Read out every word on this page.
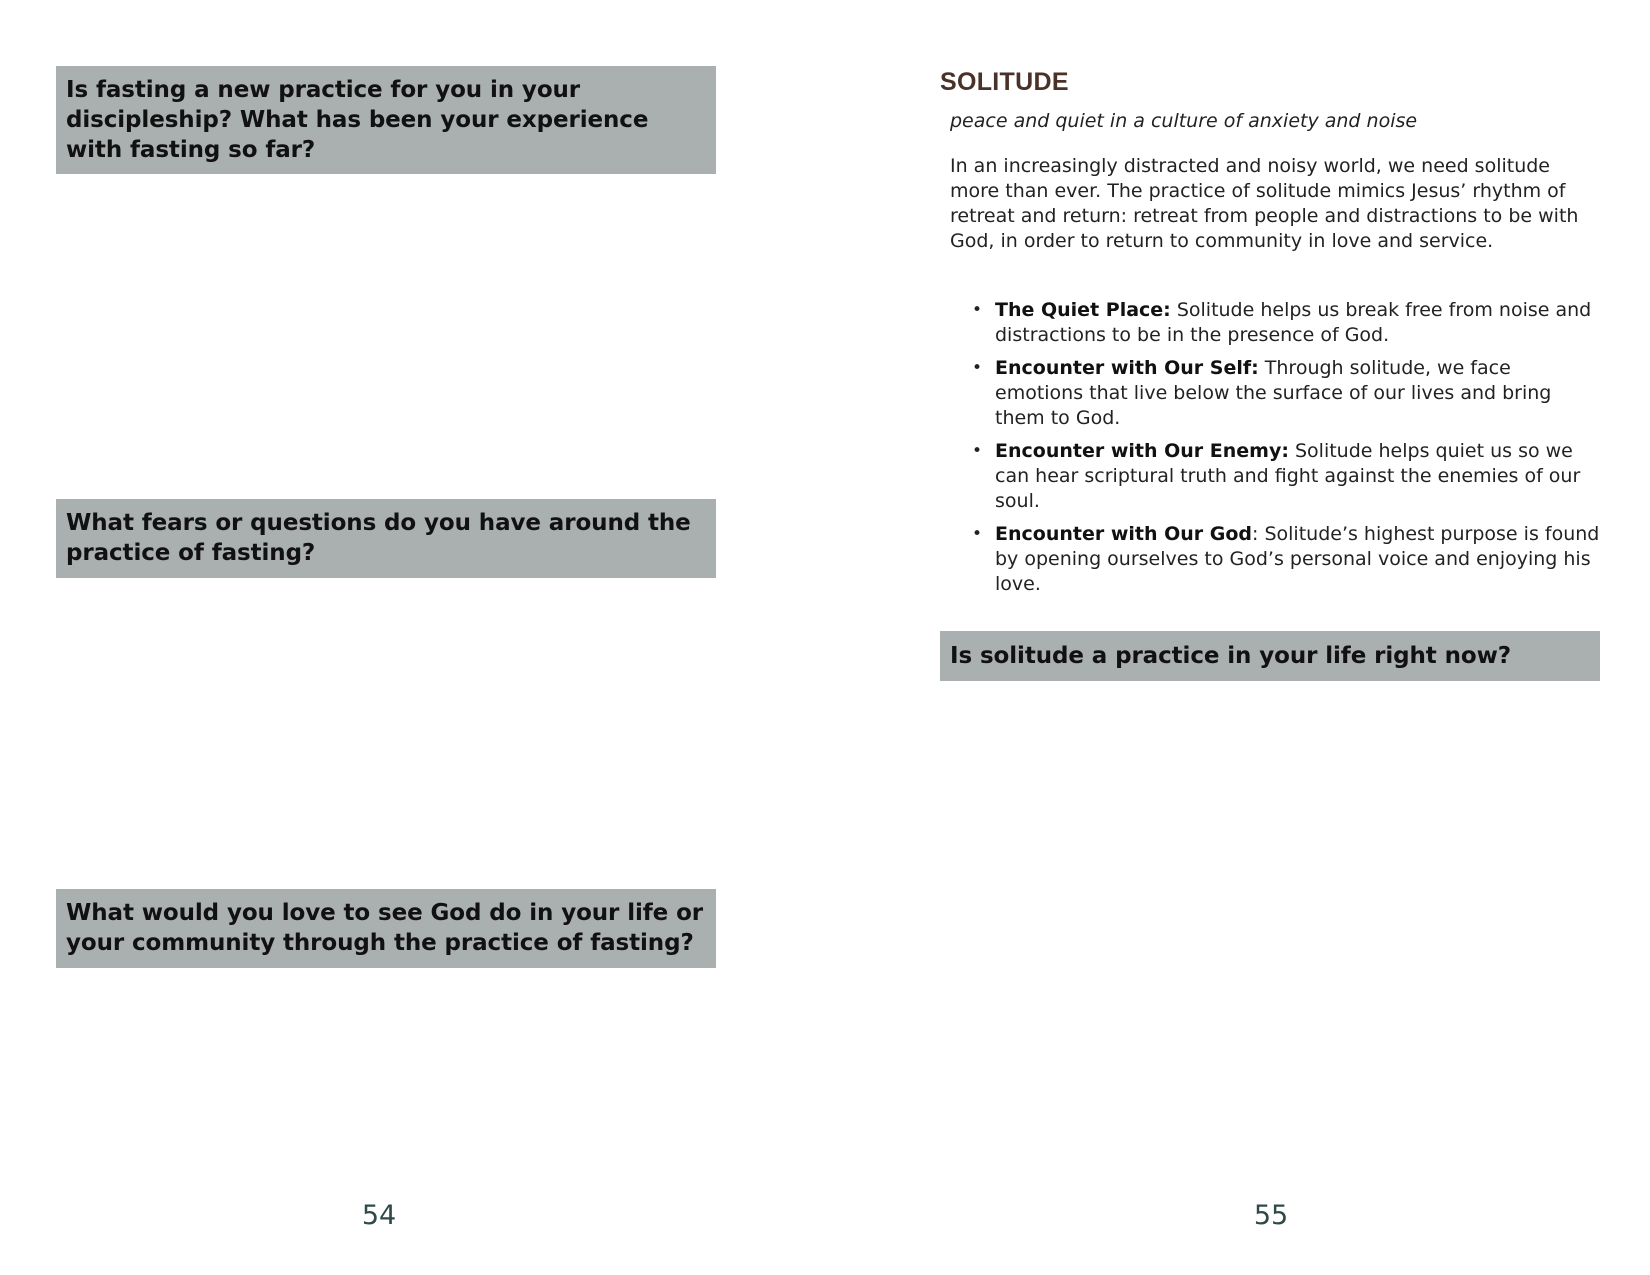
Is fasting a new practice for you in your discipleship? What has been your experience with fasting so far?
What fears or questions do you have around the practice of fasting?
What would you love to see God do in your life or your community through the practice of fasting?
54
SOLITUDE
peace and quiet in a culture of anxiety and noise

In an increasingly distracted and noisy world, we need solitude more than ever. The practice of solitude mimics Jesus’ rhythm of retreat and return: retreat from people and distractions to be with God, in order to return to community in love and service.

• The Quiet Place: Solitude helps us break free from noise and distractions to be in the presence of God.
• Encounter with Our Self: Through solitude, we face emotions that live below the surface of our lives and bring them to God.
• Encounter with Our Enemy: Solitude helps quiet us so we can hear scriptural truth and fight against the enemies of our soul.
• Encounter with Our God: Solitude’s highest purpose is found by opening ourselves to God’s personal voice and enjoying his love.
Is solitude a practice in your life right now?
55
